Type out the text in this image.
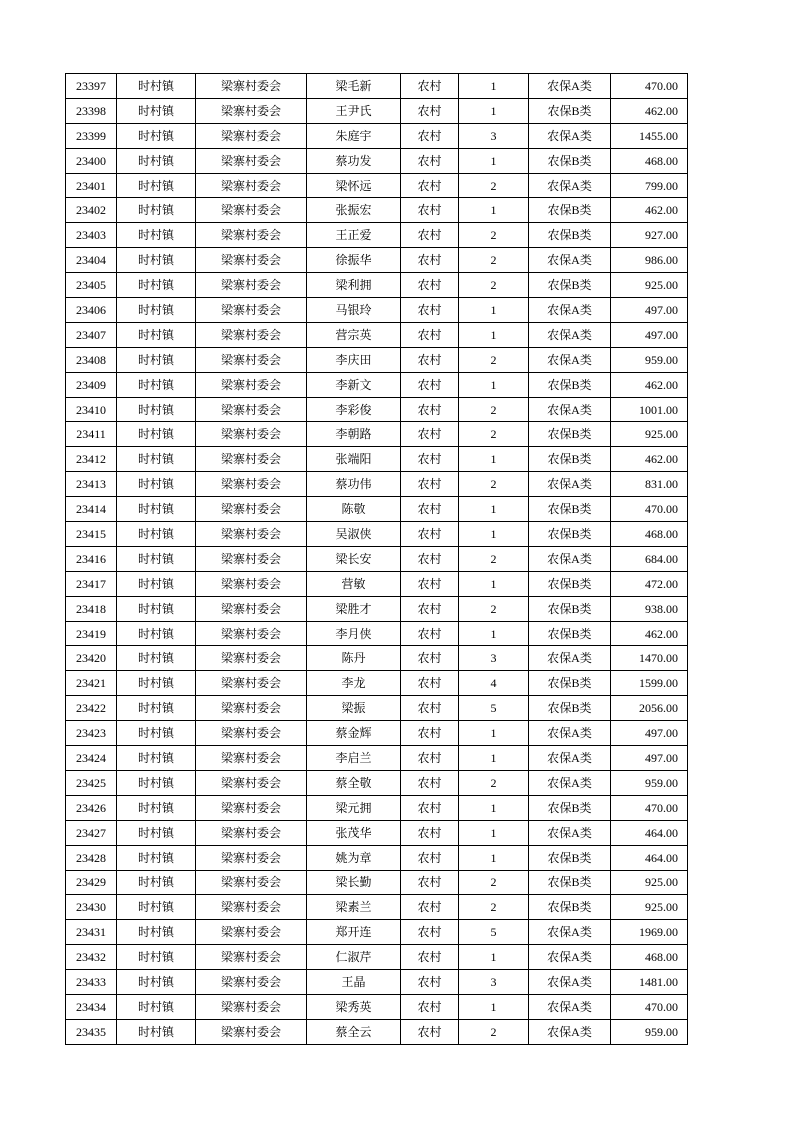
23397	时村镇	梁寨村委会	梁毛新	农村	1	农保A类	470.00
23398	时村镇	梁寨村委会	王尹氏	农村	1	农保B类	462.00
23399	时村镇	梁寨村委会	朱庭宇	农村	3	农保A类	1455.00
23400	时村镇	梁寨村委会	蔡功发	农村	1	农保B类	468.00
23401	时村镇	梁寨村委会	梁怀远	农村	2	农保A类	799.00
23402	时村镇	梁寨村委会	张振宏	农村	1	农保B类	462.00
23403	时村镇	梁寨村委会	王正爱	农村	2	农保B类	927.00
23404	时村镇	梁寨村委会	徐振华	农村	2	农保A类	986.00
23405	时村镇	梁寨村委会	梁利拥	农村	2	农保B类	925.00
23406	时村镇	梁寨村委会	马银玲	农村	1	农保A类	497.00
23407	时村镇	梁寨村委会	营宗英	农村	1	农保A类	497.00
23408	时村镇	梁寨村委会	李庆田	农村	2	农保A类	959.00
23409	时村镇	梁寨村委会	李新文	农村	1	农保B类	462.00
23410	时村镇	梁寨村委会	李彩俊	农村	2	农保A类	1001.00
23411	时村镇	梁寨村委会	李朝路	农村	2	农保B类	925.00
23412	时村镇	梁寨村委会	张端阳	农村	1	农保B类	462.00
23413	时村镇	梁寨村委会	蔡功伟	农村	2	农保A类	831.00
23414	时村镇	梁寨村委会	陈敬	农村	1	农保B类	470.00
23415	时村镇	梁寨村委会	吴淑侠	农村	1	农保B类	468.00
23416	时村镇	梁寨村委会	梁长安	农村	2	农保A类	684.00
23417	时村镇	梁寨村委会	营敏	农村	1	农保B类	472.00
23418	时村镇	梁寨村委会	梁胜才	农村	2	农保B类	938.00
23419	时村镇	梁寨村委会	李月侠	农村	1	农保B类	462.00
23420	时村镇	梁寨村委会	陈丹	农村	3	农保A类	1470.00
23421	时村镇	梁寨村委会	李龙	农村	4	农保B类	1599.00
23422	时村镇	梁寨村委会	梁振	农村	5	农保B类	2056.00
23423	时村镇	梁寨村委会	蔡金辉	农村	1	农保A类	497.00
23424	时村镇	梁寨村委会	李启兰	农村	1	农保A类	497.00
23425	时村镇	梁寨村委会	蔡全敬	农村	2	农保A类	959.00
23426	时村镇	梁寨村委会	梁元拥	农村	1	农保B类	470.00
23427	时村镇	梁寨村委会	张茂华	农村	1	农保A类	464.00
23428	时村镇	梁寨村委会	姚为章	农村	1	农保B类	464.00
23429	时村镇	梁寨村委会	梁长勤	农村	2	农保B类	925.00
23430	时村镇	梁寨村委会	梁素兰	农村	2	农保B类	925.00
23431	时村镇	梁寨村委会	郑开连	农村	5	农保A类	1969.00
23432	时村镇	梁寨村委会	仁淑芹	农村	1	农保A类	468.00
23433	时村镇	梁寨村委会	王晶	农村	3	农保A类	1481.00
23434	时村镇	梁寨村委会	梁秀英	农村	1	农保A类	470.00
23435	时村镇	梁寨村委会	蔡全云	农村	2	农保A类	959.00
